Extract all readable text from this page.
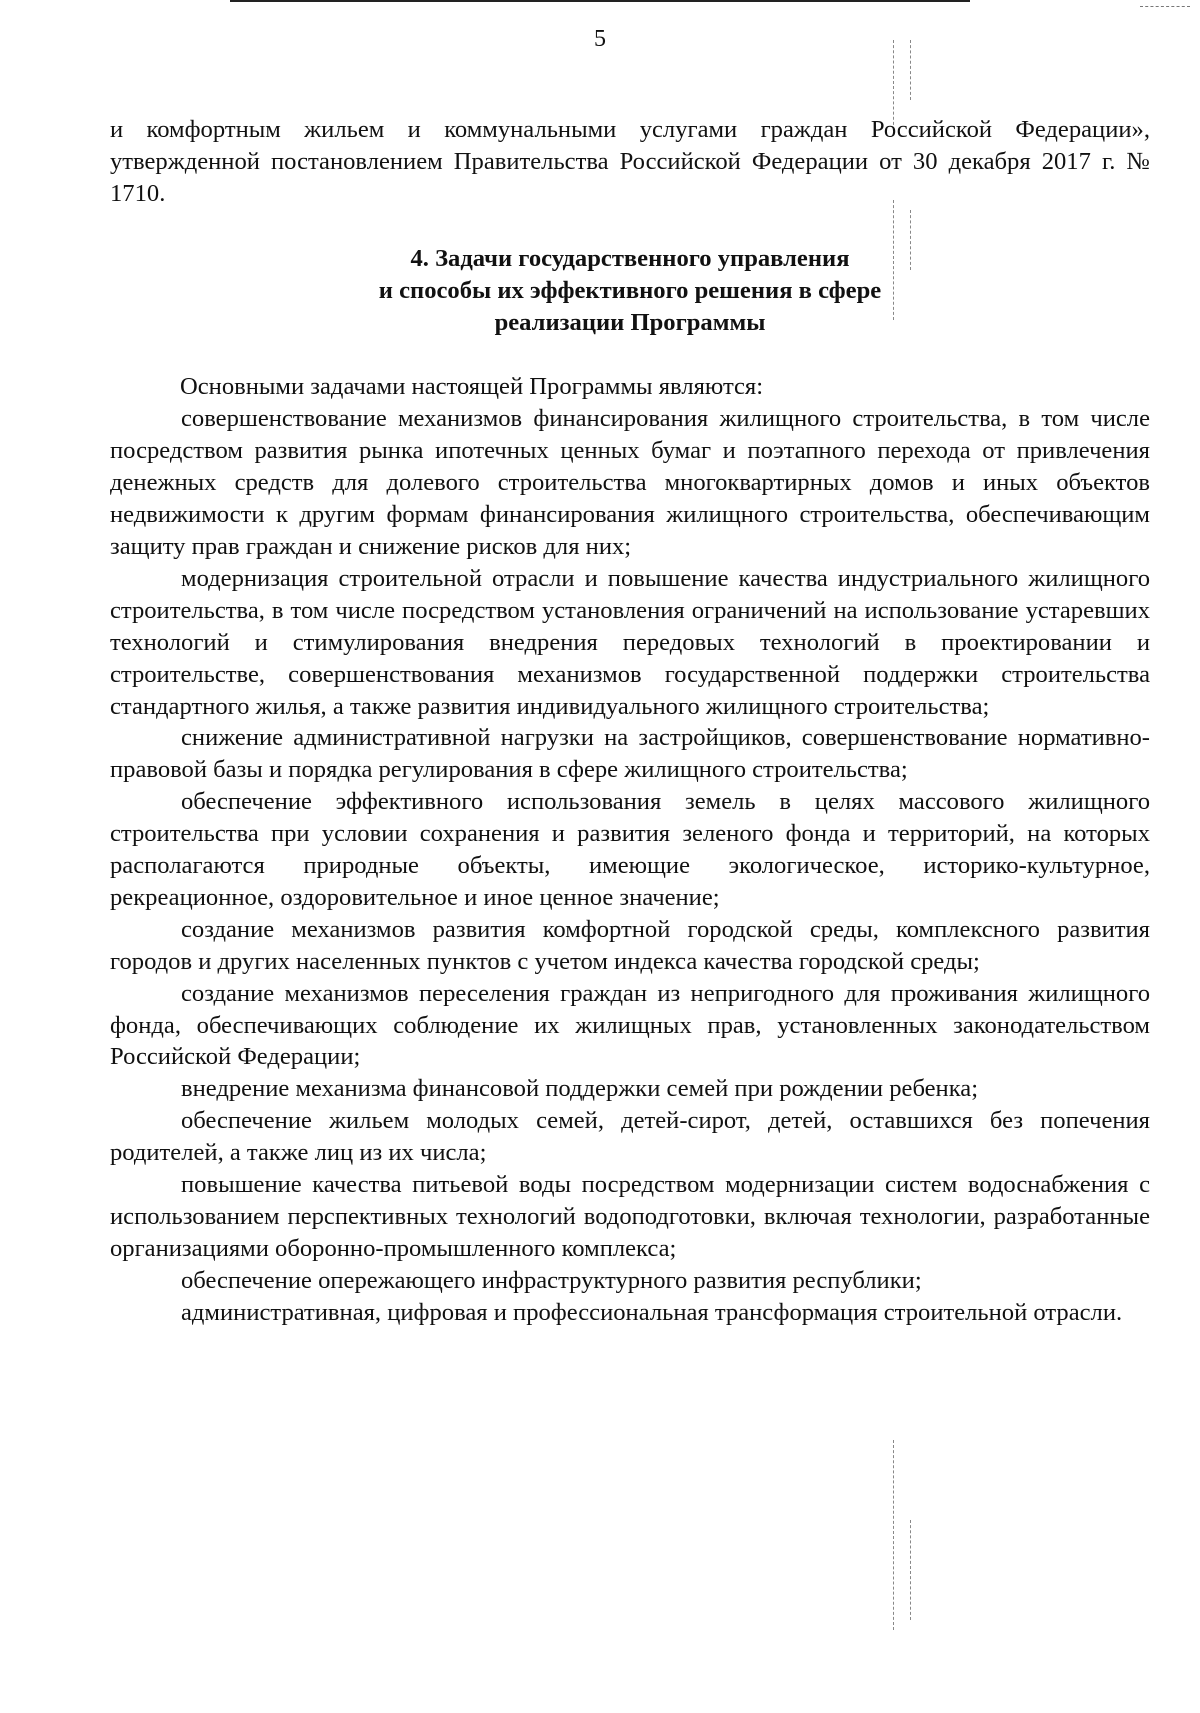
5

и комфортным жильем и коммунальными услугами граждан Российской Федерации», утвержденной постановлением Правительства Российской Федерации от 30 декабря 2017 г. № 1710.

4. Задачи государственного управления
и способы их эффективного решения в сфере
реализации Программы

Основными задачами настоящей Программы являются:

совершенствование механизмов финансирования жилищного строительства, в том числе посредством развития рынка ипотечных ценных бумаг и поэтапного перехода от привлечения денежных средств для долевого строительства многоквартирных домов и иных объектов недвижимости к другим формам финансирования жилищного строительства, обеспечивающим защиту прав граждан и снижение рисков для них;

модернизация строительной отрасли и повышение качества индустриального жилищного строительства, в том числе посредством установления ограничений на использование устаревших технологий и стимулирования внедрения передовых технологий в проектировании и строительстве, совершенствования механизмов государственной поддержки строительства стандартного жилья, а также развития индивидуального жилищного строительства;

снижение административной нагрузки на застройщиков, совершенствование нормативно-правовой базы и порядка регулирования в сфере жилищного строительства;

обеспечение эффективного использования земель в целях массового жилищного строительства при условии сохранения и развития зеленого фонда и территорий, на которых располагаются природные объекты, имеющие экологическое, историко-культурное, рекреационное, оздоровительное и иное ценное значение;

создание механизмов развития комфортной городской среды, комплексного развития городов и других населенных пунктов с учетом индекса качества городской среды;

создание механизмов переселения граждан из непригодного для проживания жилищного фонда, обеспечивающих соблюдение их жилищных прав, установленных законодательством Российской Федерации;

внедрение механизма финансовой поддержки семей при рождении ребенка;

обеспечение жильем молодых семей, детей-сирот, детей, оставшихся без попечения родителей, а также лиц из их числа;

повышение качества питьевой воды посредством модернизации систем водоснабжения с использованием перспективных технологий водоподготовки, включая технологии, разработанные организациями оборонно-промышленного комплекса;

обеспечение опережающего инфраструктурного развития республики;

административная, цифровая и профессиональная трансформация строительной отрасли.
